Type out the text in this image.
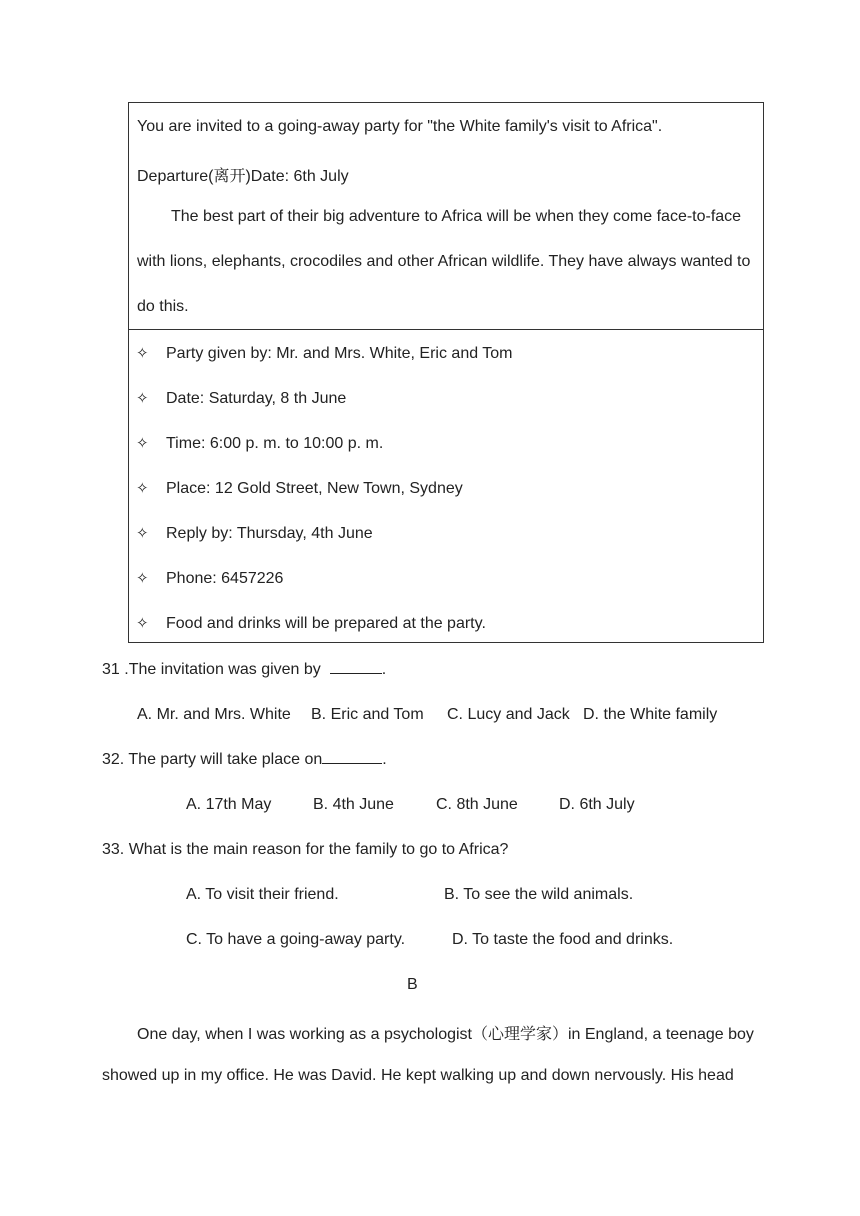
You are invited to a going-away party for "the White family's visit to Africa".
Departure(离开)Date: 6th July
The best part of their big adventure to Africa will be when they come face-to-face
with lions, elephants, crocodiles and other African wildlife. They have always wanted to
do this.
✧ Party given by: Mr. and Mrs. White, Eric and Tom
✧ Date: Saturday, 8 th June
✧ Time: 6:00 p. m. to 10:00 p. m.
✧ Place: 12 Gold Street, New Town, Sydney
✧ Reply by: Thursday, 4th June
✧ Phone: 6457226
✧ Food and drinks will be prepared at the party.
31 .The invitation was given by	.
A. Mr. and Mrs. White B. Eric and Tom C. Lucy and Jack D. the White family
32. The party will take place on	.
A. 17th May	B. 4th June	C. 8th June	D. 6th July
33. What is the main reason for the family to go to Africa?
A. To visit their friend.	B. To see the wild animals.
C. To have a going-away party.	D. To taste the food and drinks.
B
One day, when I was working as a psychologist（心理学家）in England, a teenage boy
showed up in my office. He was David. He kept walking up and down nervously. His head
